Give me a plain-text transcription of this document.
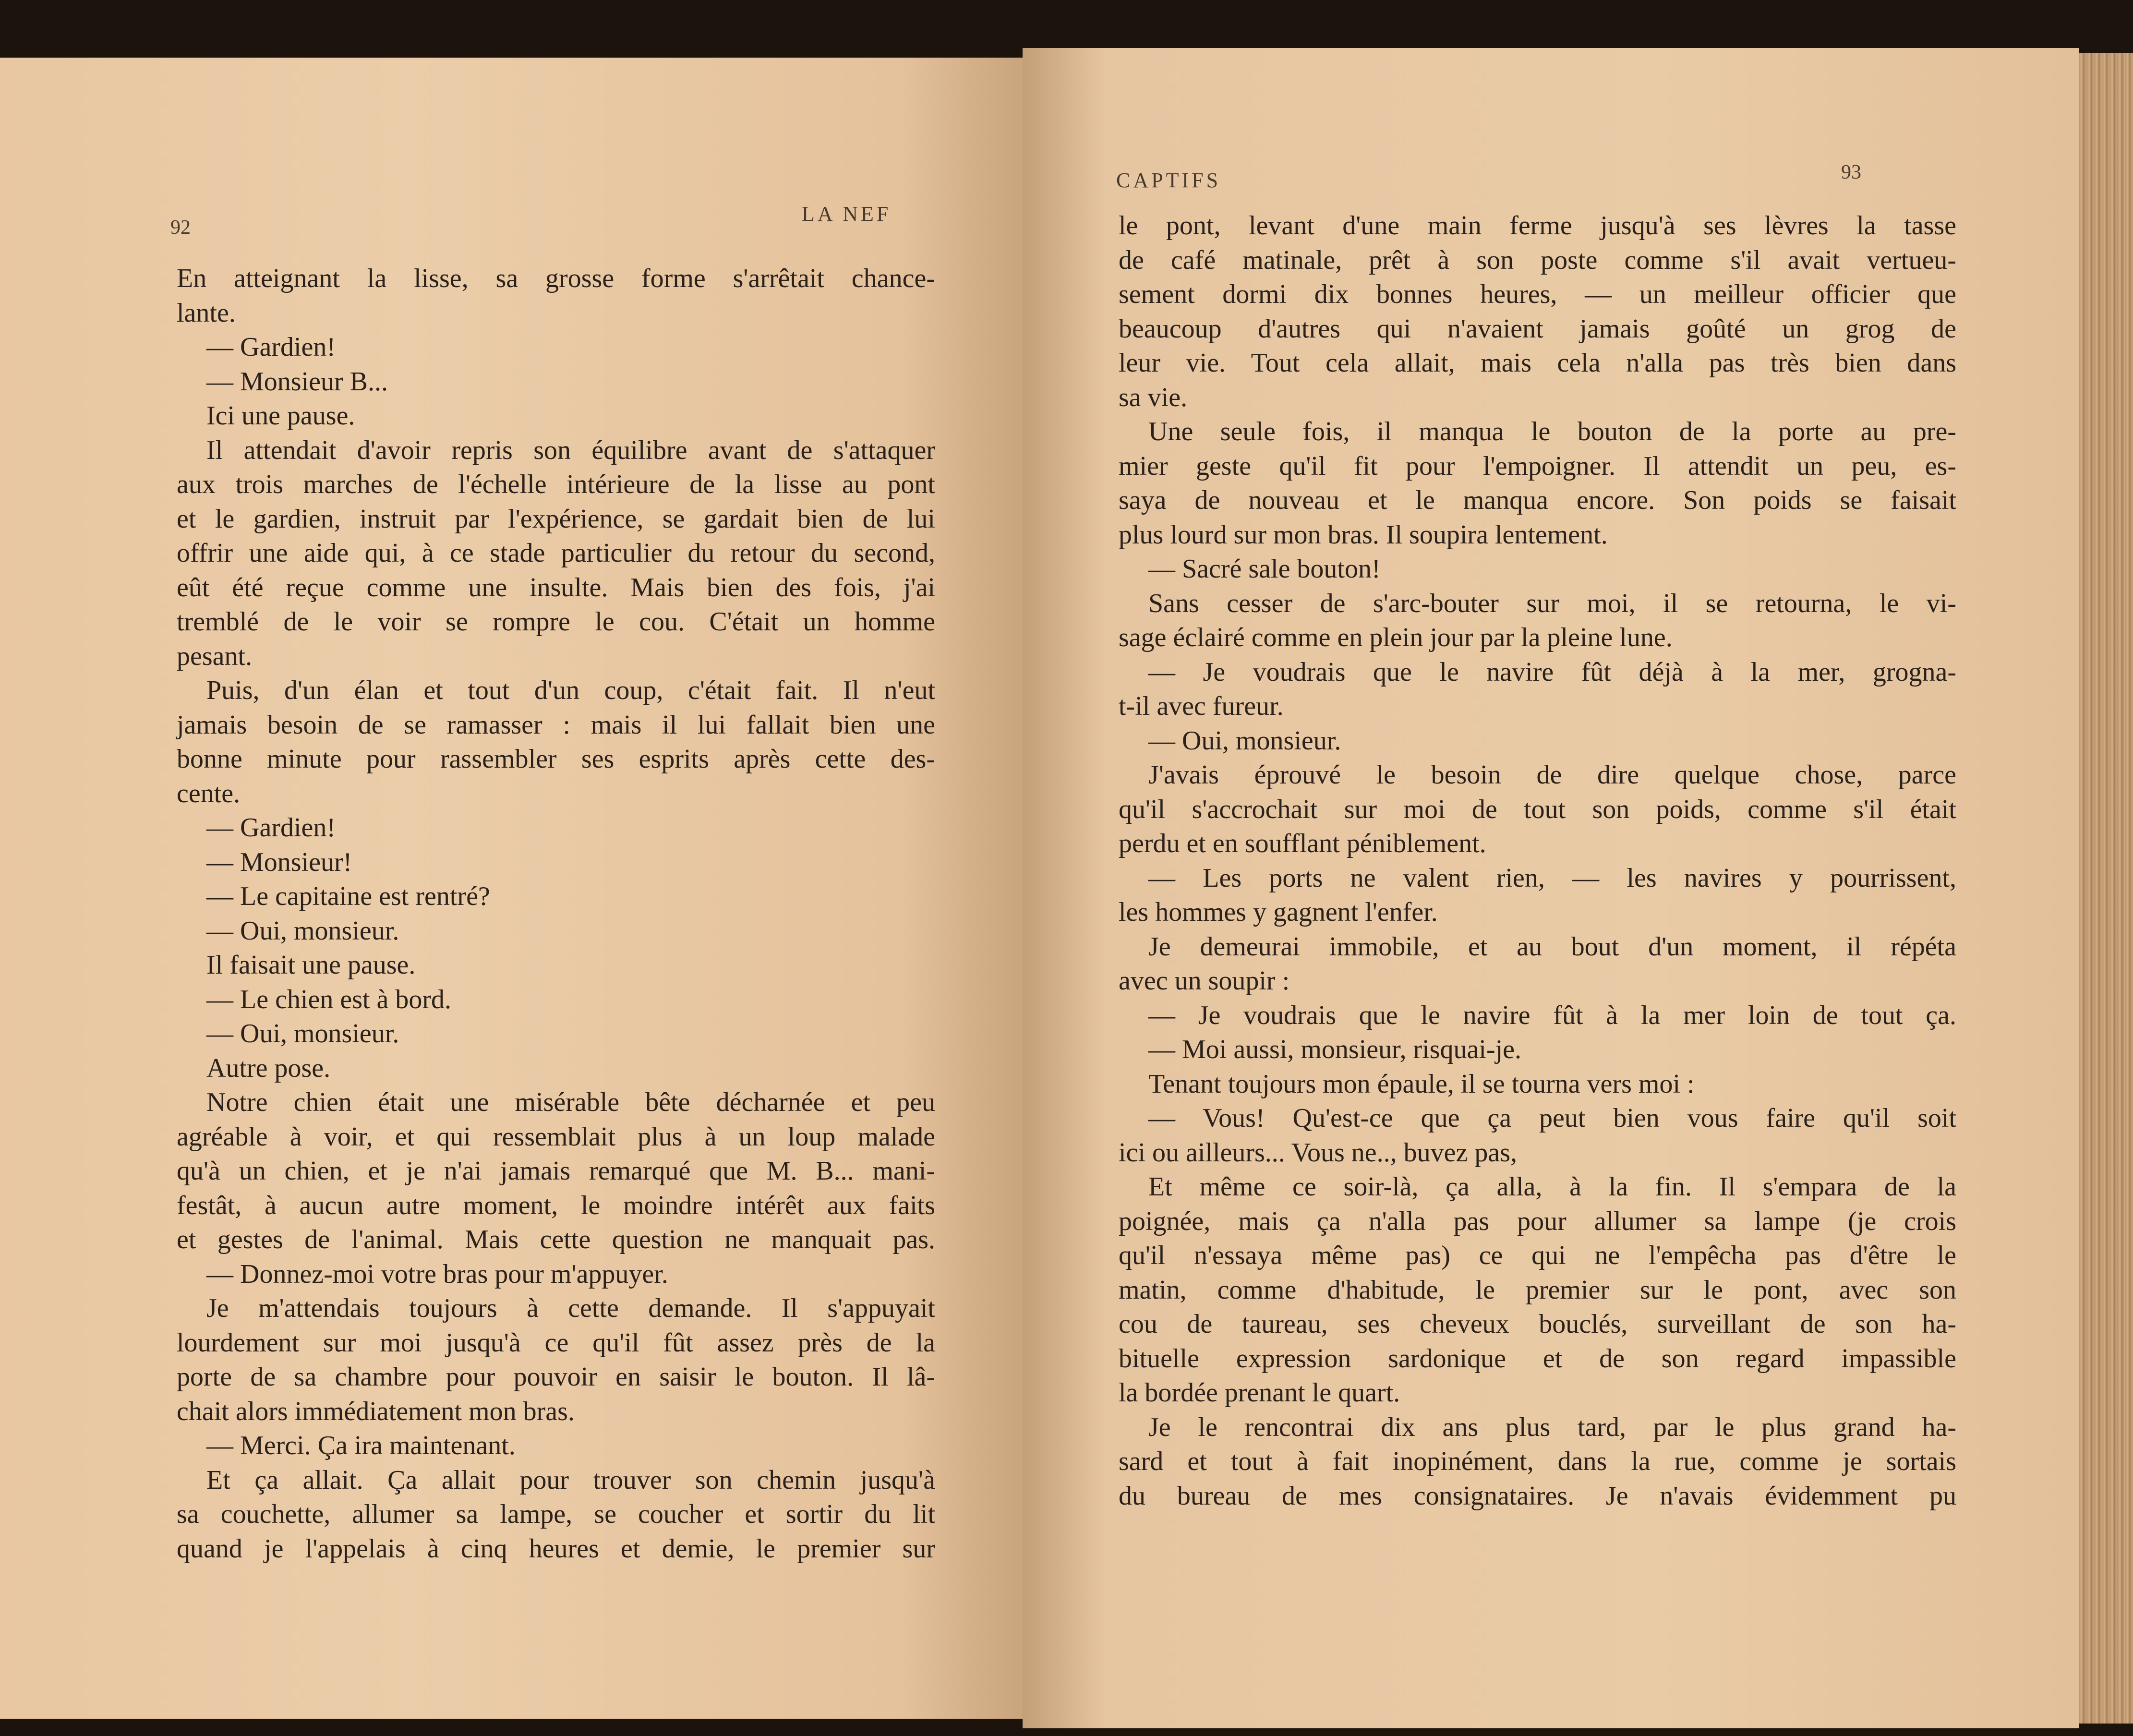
92
LA NEF

En atteignant la lisse, sa grosse forme s'arrêtait chance-

lante.

— Gardien!

— Monsieur B...

Ici une pause.

Il attendait d'avoir repris son équilibre avant de s'attaquer

aux trois marches de l'échelle intérieure de la lisse au pont

et le gardien, instruit par l'expérience, se gardait bien de lui

offrir une aide qui, à ce stade particulier du retour du second,

eût été reçue comme une insulte. Mais bien des fois, j'ai

tremblé de le voir se rompre le cou. C'était un homme

pesant.

Puis, d'un élan et tout d'un coup, c'était fait. Il n'eut

jamais besoin de se ramasser : mais il lui fallait bien une

bonne minute pour rassembler ses esprits après cette des-

cente.

— Gardien!

— Monsieur!

— Le capitaine est rentré?

— Oui, monsieur.

Il faisait une pause.

— Le chien est à bord.

— Oui, monsieur.

Autre pose.

Notre chien était une misérable bête décharnée et peu

agréable à voir, et qui ressemblait plus à un loup malade

qu'à un chien, et je n'ai jamais remarqué que M. B... mani-

festât, à aucun autre moment, le moindre intérêt aux faits

et gestes de l'animal. Mais cette question ne manquait pas.

— Donnez-moi votre bras pour m'appuyer.

Je m'attendais toujours à cette demande. Il s'appuyait

lourdement sur moi jusqu'à ce qu'il fût assez près de la

porte de sa chambre pour pouvoir en saisir le bouton. Il lâ-

chait alors immédiatement mon bras.

— Merci. Ça ira maintenant.

Et ça allait. Ça allait pour trouver son chemin jusqu'à

sa couchette, allumer sa lampe, se coucher et sortir du lit

quand je l'appelais à cinq heures et demie, le premier sur

CAPTIFS	93

le pont, levant d'une main ferme jusqu'à ses lèvres la tasse

de café matinale, prêt à son poste comme s'il avait vertueu-

sement dormi dix bonnes heures, — un meilleur officier que

beaucoup d'autres qui n'avaient jamais goûté un grog de

leur vie. Tout cela allait, mais cela n'alla pas très bien dans

sa vie.

Une seule fois, il manqua le bouton de la porte au pre-

mier geste qu'il fit pour l'empoigner. Il attendit un peu, es-

saya de nouveau et le manqua encore. Son poids se faisait

plus lourd sur mon bras. Il soupira lentement.

— Sacré sale bouton!

Sans cesser de s'arc-bouter sur moi, il se retourna, le vi-

sage éclairé comme en plein jour par la pleine lune.

— Je voudrais que le navire fût déjà à la mer, grogna-

t-il avec fureur.

— Oui, monsieur.

J'avais éprouvé le besoin de dire quelque chose, parce

qu'il s'accrochait sur moi de tout son poids, comme s'il était

perdu et en soufflant péniblement.

— Les ports ne valent rien, — les navires y pourrissent,

les hommes y gagnent l'enfer.

Je demeurai immobile, et au bout d'un moment, il répéta

avec un soupir :

— Je voudrais que le navire fût à la mer loin de tout ça.

— Moi aussi, monsieur, risquai-je.

Tenant toujours mon épaule, il se tourna vers moi :

— Vous! Qu'est-ce que ça peut bien vous faire qu'il soit

ici ou ailleurs... Vous ne.., buvez pas,

Et même ce soir-là, ça alla, à la fin. Il s'empara de la

poignée, mais ça n'alla pas pour allumer sa lampe (je crois

qu'il n'essaya même pas) ce qui ne l'empêcha pas d'être le

matin, comme d'habitude, le premier sur le pont, avec son

cou de taureau, ses cheveux bouclés, surveillant de son ha-

bituelle expression sardonique et de son regard impassible

la bordée prenant le quart.

Je le rencontrai dix ans plus tard, par le plus grand ha-

sard et tout à fait inopinément, dans la rue, comme je sortais

du bureau de mes consignataires. Je n'avais évidemment pu
